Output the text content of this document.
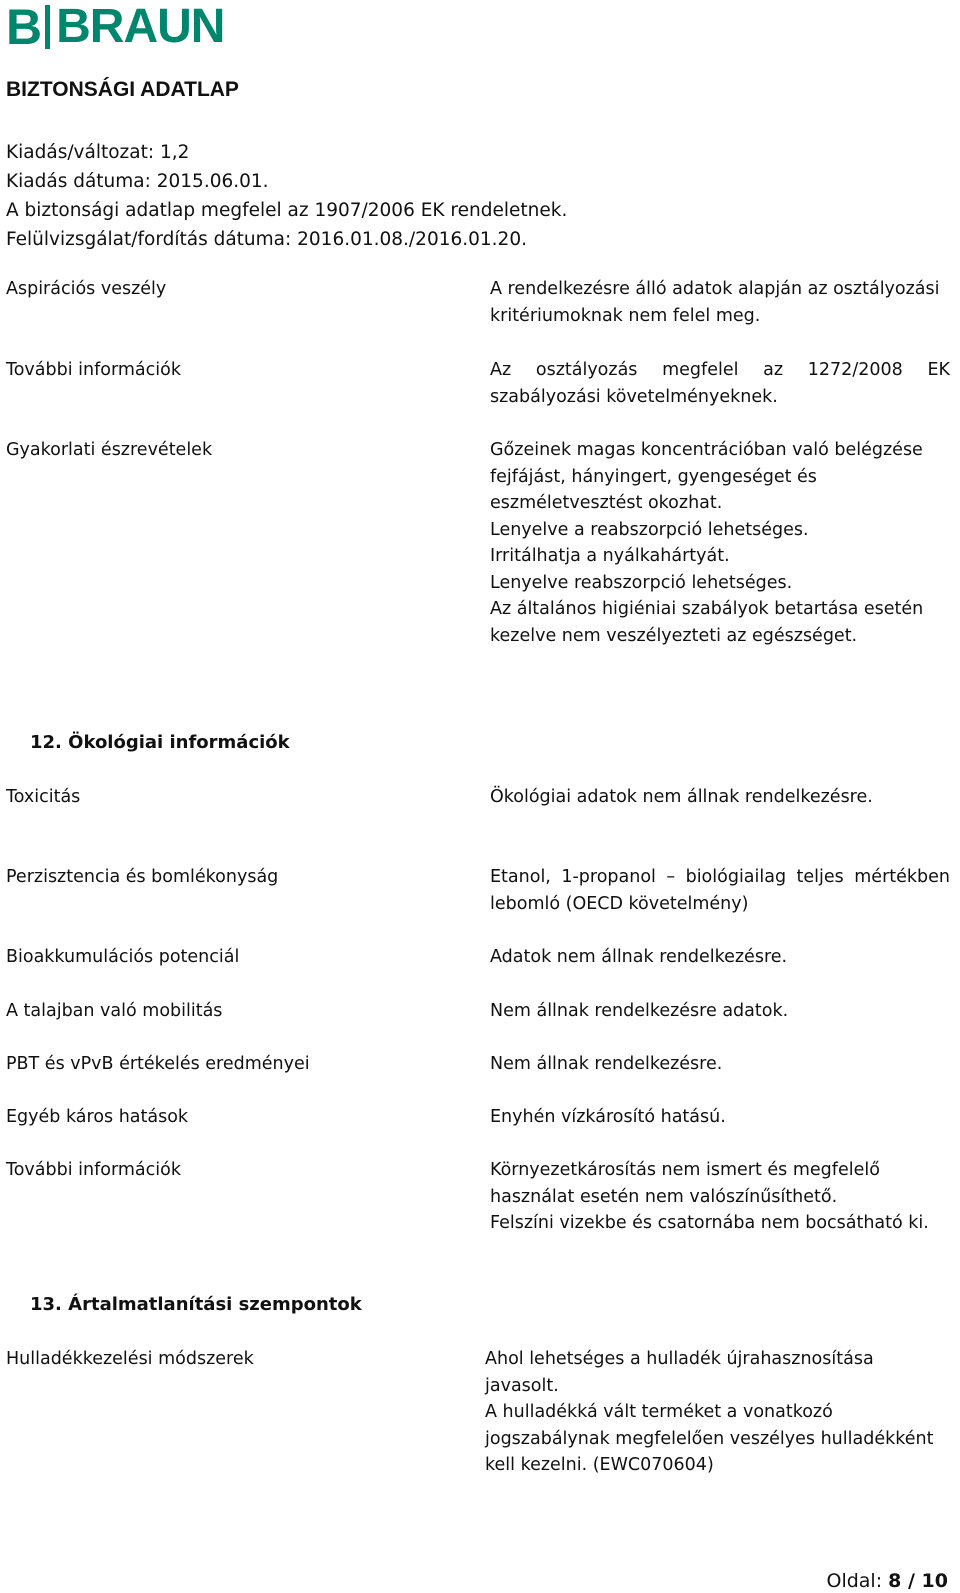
B BRAUN
BIZTONSÁGI ADATLAP
Kiadás/változat: 1,2
Kiadás dátuma: 2015.06.01.
A biztonsági adatlap megfelel az 1907/2006 EK rendeletnek.
Felülvizsgálat/fordítás dátuma: 2016.01.08./2016.01.20.
Aspirációs veszély	A rendelkezésre álló adatok alapján az osztályozási kritériumoknak nem felel meg.

További információk	Az osztályozás megfelel az 1272/2008 EK szabályozási követelményeknek.

Gyakorlati észrevételek	Gőzeinek magas koncentrációban való belégzése fejfájást, hányingert, gyengeséget és eszméletvesztést okozhat.

Lenyelve a reabszorpció lehetséges.

Irritálhatja a nyálkahártyát.

Lenyelve reabszorpció lehetséges.

Az általános higiéniai szabályok betartása esetén kezelve nem veszélyezteti az egészséget.

12. Ökológiai információk
Toxicitás	Ökológiai adatok nem állnak rendelkezésre.

Perzisztencia és bomlékonyság	Etanol, 1-propanol – biológiailag teljes mértékben lebomló (OECD követelmény)

Bioakkumulációs potenciál	Adatok nem állnak rendelkezésre.

A talajban való mobilitás	Nem állnak rendelkezésre adatok.

PBT és vPvB értékelés eredményei	Nem állnak rendelkezésre.

Egyéb káros hatások	Enyhén vízkárosító hatású.

További információk	Környezetkárosítás nem ismert és megfelelő használat esetén nem valószínűsíthető.

Felszíni vizekbe és csatornába nem bocsátható ki.

13. Ártalmatlanítási szempontok
Hulladékkezelési módszerek	Ahol lehetséges a hulladék újrahasznosítása javasolt.

A hulladékká vált terméket a vonatkozó jogszabálynak megfelelően veszélyes hulladékként kell kezelni. (EWC070604)

Oldal: 8 / 10
